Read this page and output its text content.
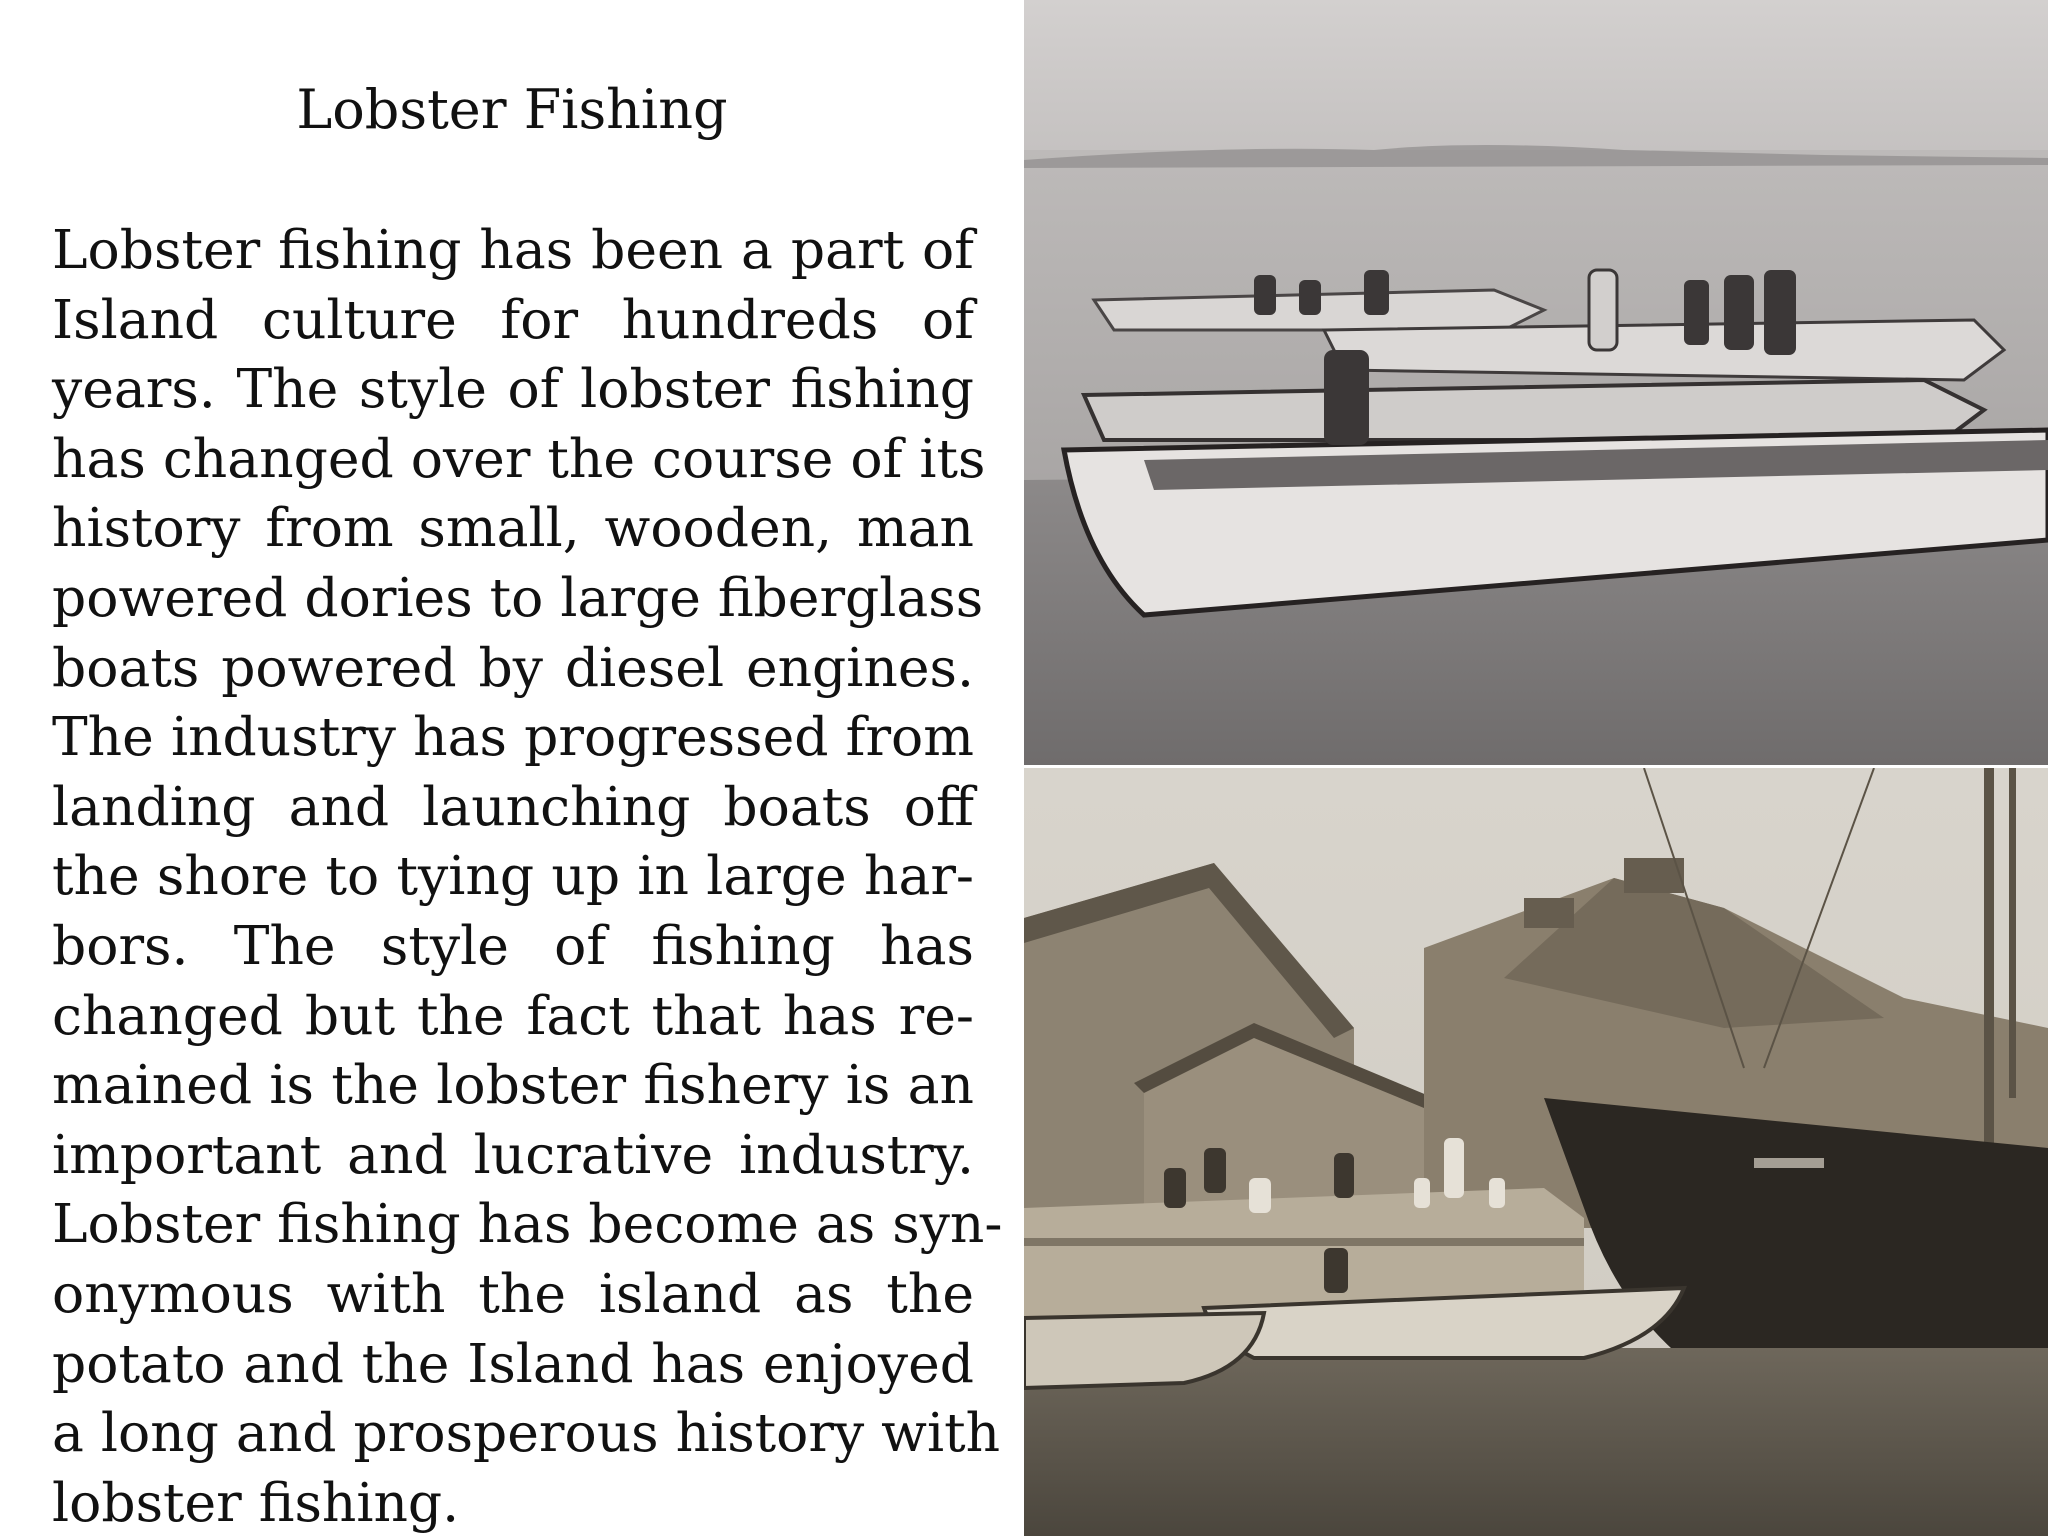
Lobster Fishing
Lobster fishing has been a part of
Island culture for hundreds of
years. The style of lobster fishing
has changed over the course of its
history from small, wooden, man
powered dories to large fiberglass
boats powered by diesel engines.
The industry has progressed from
landing and launching boats off
the shore to tying up in large har-
bors. The style of fishing has
changed but the fact that has re-
mained is the lobster fishery is an
important and lucrative industry.
Lobster fishing has become as syn-
onymous with the island as the
potato and the Island has enjoyed
a long and prosperous history with
lobster fishing.
